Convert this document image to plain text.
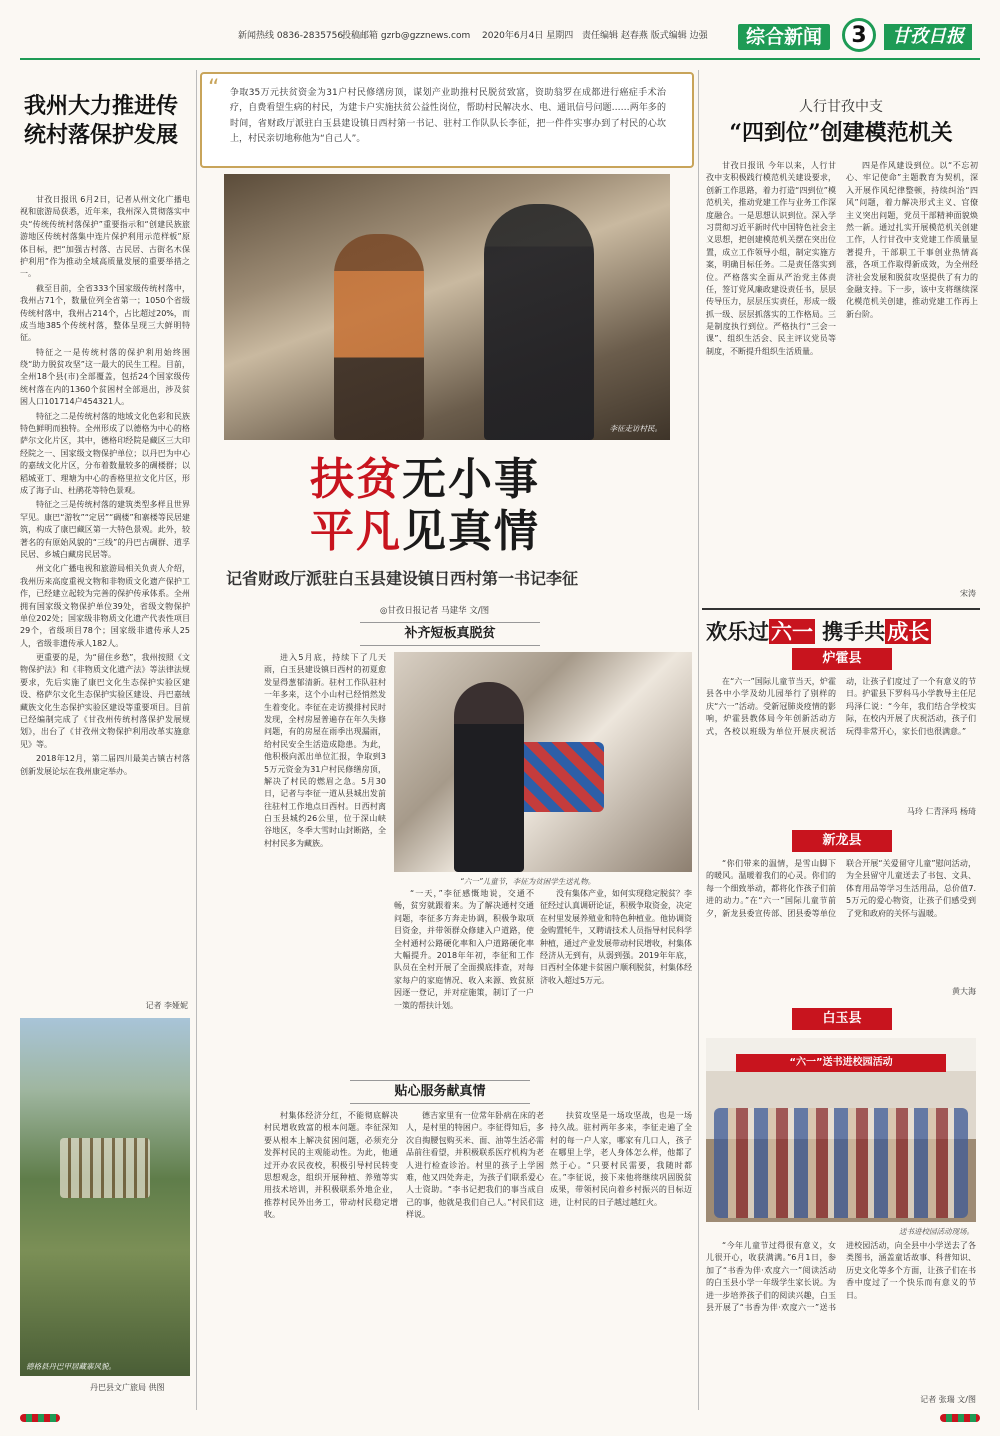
新闻热线 0836-2835756
投稿邮箱 gzrb@gzznews.com 2020年6月4日 星期四 责任编辑 赵春燕 版式编辑 边强	综合新闻	3	甘孜日报
我州大力推进传统村落保护发展

甘孜日报讯 6月2日，记者从州文化广播电视和旅游局获悉，近年来，我州深入贯彻落实中央“传统传统村落保护”重要指示和“创建民族旅游地区传统村落集中连片保护利用示范样板”原体目标，把“加强古村落、古民居、古街名木保护利用”作为推动全域高质量发展的重要举措之一。

截至目前，全省333个国家级传统村落中，我州占71个，数量位列全省第一；1050个省级传统村落中，我州占214个，占比超过20%，而成当地385个传统村落，整体呈现三大鲜明特征。

特征之一是传统村落的保护利用始终围绕“助力脱贫攻坚”这一最大的民生工程。目前，全州18个县(市)全部覆盖，包括24个国家级传统村落在内的1360个贫困村全部退出，涉及贫困人口101714户454321人。

特征之二是传统村落的地域文化色彩和民族特色鲜明而独特。全州形成了以德格为中心的格萨尔文化片区，其中，德格印经院是藏区三大印经院之一、国家级文物保护单位；以丹巴为中心的嘉绒文化片区，分布着数量较多的碉楼群；以稻城亚丁、理塘为中心的香格里拉文化片区，形成了海子山、杜鹃花等特色景观。

特征之三是传统村落的建筑类型多样且世界罕见。康巴“游牧”“定居”“碉楼”和寨楼等民居建筑，构成了康巴藏区第一大特色景观。此外，较著名的有原始风貌的“三线”的丹巴古碉群、道孚民居、乡城白藏房民居等。

州文化广播电视和旅游局相关负责人介绍，我州历来高度重视文物和非物质文化遗产保护工作，已经建立起较为完善的保护传承体系。全州拥有国家级文物保护单位39处，省级文物保护单位202处；国家级非物质文化遗产代表性项目29个，省级项目78个；国家级非遗传承人25人，省级非遗传承人182人。

更重要的是，为“留住乡愁”，我州按照《文物保护法》和《非物质文化遗产法》等法律法规要求，先后实施了康巴文化生态保护实验区建设、格萨尔文化生态保护实验区建设、丹巴嘉绒藏族文化生态保护实验区建设等重要项目。目前已经编制完成了《甘孜州传统村落保护发展规划》，出台了《甘孜州文物保护利用改革实施意见》等。

2018年12月，第二届四川最美古镇古村落创新发展论坛在我州康定举办。

记者 李娅妮
德格县丹巴甲居藏寨风貌。
丹巴县文广旅局 供图
“ 争取35万元扶贫资金为31户村民修缮房顶，谋划产业助推村民脱贫致富，资助翁罗在成都进行癌症手术治疗，自费看望生病的村民，为建卡户实施扶贫公益性岗位，帮助村民解决水、电、通讯信号问题……两年多的时间，省财政厅派驻白玉县建设镇日西村第一书记、驻村工作队队长李征，把一件件实事办到了村民的心坎上，村民亲切地称他为“自己人”。
李征走访村民。
扶贫无小事
平凡见真情
记省财政厅派驻白玉县建设镇日西村第一书记李征
◎甘孜日报记者 马建华 文/图
补齐短板真脱贫
进入5月底，持续下了几天雨，白玉县建设镇日西村的初夏愈发显得葱郁清新。驻村工作队驻村一年多来，这个小山村已经悄然发生着变化。李征在走访摸排村民时发现，全村房屋普遍存在年久失修问题，有的房屋在雨季出现漏雨，给村民安全生活造成隐患。为此，他积极向派出单位汇报，争取到35万元资金为31户村民修缮房顶，解决了村民的燃眉之急。5月30日，记者与李征一道从县城出发前往驻村工作地点日西村。日西村离白玉县城约26公里，位于深山峡谷地区，冬季大雪时山封断路，全村村民多为藏族。
“六一”儿童节，李征为贫困学生送礼物。
“一天，”李征感慨地说，交通不畅，贫穷就跟着来。为了解决通村交通问题，李征多方奔走协调，积极争取项目资金，并带领群众修建入户道路，使全村通村公路硬化率和入户道路硬化率大幅提升。2018年年初，李征和工作队员在全村开展了全面摸底排查，对每家每户的家庭情况、收入来源、致贫原因逐一登记，并对症施策，制订了一户一策的帮扶计划。
没有集体产业，如何实现稳定脱贫？李征经过认真调研论证，积极争取资金，决定在村里发展养殖业和特色种植业。他协调资金购置牦牛，又聘请技术人员指导村民科学种植，通过产业发展带动村民增收，村集体经济从无到有，从弱到强。2019年年底，日西村全体建卡贫困户顺利脱贫，村集体经济收入超过5万元。
贴心服务献真情
村集体经济分红，不能彻底解决村民增收致富的根本问题。李征深知要从根本上解决贫困问题，必须充分发挥村民的主观能动性。为此，他通过开办农民夜校，积极引导村民转变思想观念，组织开展种植、养殖等实用技术培训，并积极联系外地企业，推荐村民外出务工，带动村民稳定增收。
德吉家里有一位常年卧病在床的老人，是村里的特困户。李征得知后，多次自掏腰包购买米、面、油等生活必需品前往看望，并积极联系医疗机构为老人进行检查诊治。村里的孩子上学困难，他又四处奔走，为孩子们联系爱心人士资助。“李书记把我们的事当成自己的事，他就是我们自己人。”村民们这样说。
扶贫攻坚是一场攻坚战，也是一场持久战。驻村两年多来，李征走遍了全村的每一户人家，哪家有几口人，孩子在哪里上学，老人身体怎么样，他都了然于心。“只要村民需要，我随时都在。”李征说，接下来他将继续巩固脱贫成果，带领村民向着乡村振兴的目标迈进，让村民的日子越过越红火。
人行甘孜中支
“四到位”创建模范机关
甘孜日报讯 今年以来，人行甘孜中支积极践行模范机关建设要求，创新工作思路，着力打造“四到位”模范机关，推动党建工作与业务工作深度融合。一是思想认识到位。深入学习贯彻习近平新时代中国特色社会主义思想，把创建模范机关摆在突出位置，成立工作领导小组，制定实施方案，明确目标任务。二是责任落实到位。严格落实全面从严治党主体责任，签订党风廉政建设责任书，层层传导压力，层层压实责任，形成一级抓一级、层层抓落实的工作格局。三是制度执行到位。严格执行“三会一课”、组织生活会、民主评议党员等制度，不断提升组织生活质量。
四是作风建设到位。以“不忘初心、牢记使命”主题教育为契机，深入开展作风纪律整顿，持续纠治“四风”问题，着力解决形式主义、官僚主义突出问题，党员干部精神面貌焕然一新。通过扎实开展模范机关创建工作，人行甘孜中支党建工作质量显著提升，干部职工干事创业热情高涨，各项工作取得新成效，为全州经济社会发展和脱贫攻坚提供了有力的金融支持。下一步，该中支将继续深化模范机关创建，推动党建工作再上新台阶。
宋涛
欢乐过六一 携手共成长
炉霍县
在“六一”国际儿童节当天，炉霍县各中小学及幼儿园举行了别样的庆“六一”活动。受新冠肺炎疫情的影响，炉霍县教体局今年创新活动方式，各校以班级为单位开展庆祝活动，让孩子们度过了一个有意义的节日。护霍县下罗科马小学教导主任尼玛泽仁说：“今年，我们结合学校实际，在校内开展了庆祝活动，孩子们玩得非常开心，家长们也很满意。”
马玲 仁青泽玛 杨琦
新龙县
“你们带来的温情，是雪山脚下的暖风。温暖着我们的心灵。你们的每一个细致举动，都将化作孩子们前进的动力。”在“六一”国际儿童节前夕，新龙县委宣传部、团县委等单位联合开展“关爱留守儿童”慰问活动，为全县留守儿童送去了书包、文具、体育用品等学习生活用品，总价值7.5万元的爱心物资，让孩子们感受到了党和政府的关怀与温暖。
黄大海
白玉县
“六一”送书进校园活动
送书进校园活动现场。
“今年儿童节过得很有意义，女儿很开心，收获满满。”6月1日，参加了“书香为伴·欢度六一”阅读活动的白玉县小学一年级学生家长说。为进一步培养孩子们的阅读兴趣，白玉县开展了“书香为伴·欢度六一”送书进校园活动，向全县中小学送去了各类图书，涵盖童话故事、科普知识、历史文化等多个方面，让孩子们在书香中度过了一个快乐而有意义的节日。
记者 张瑞 文/图
